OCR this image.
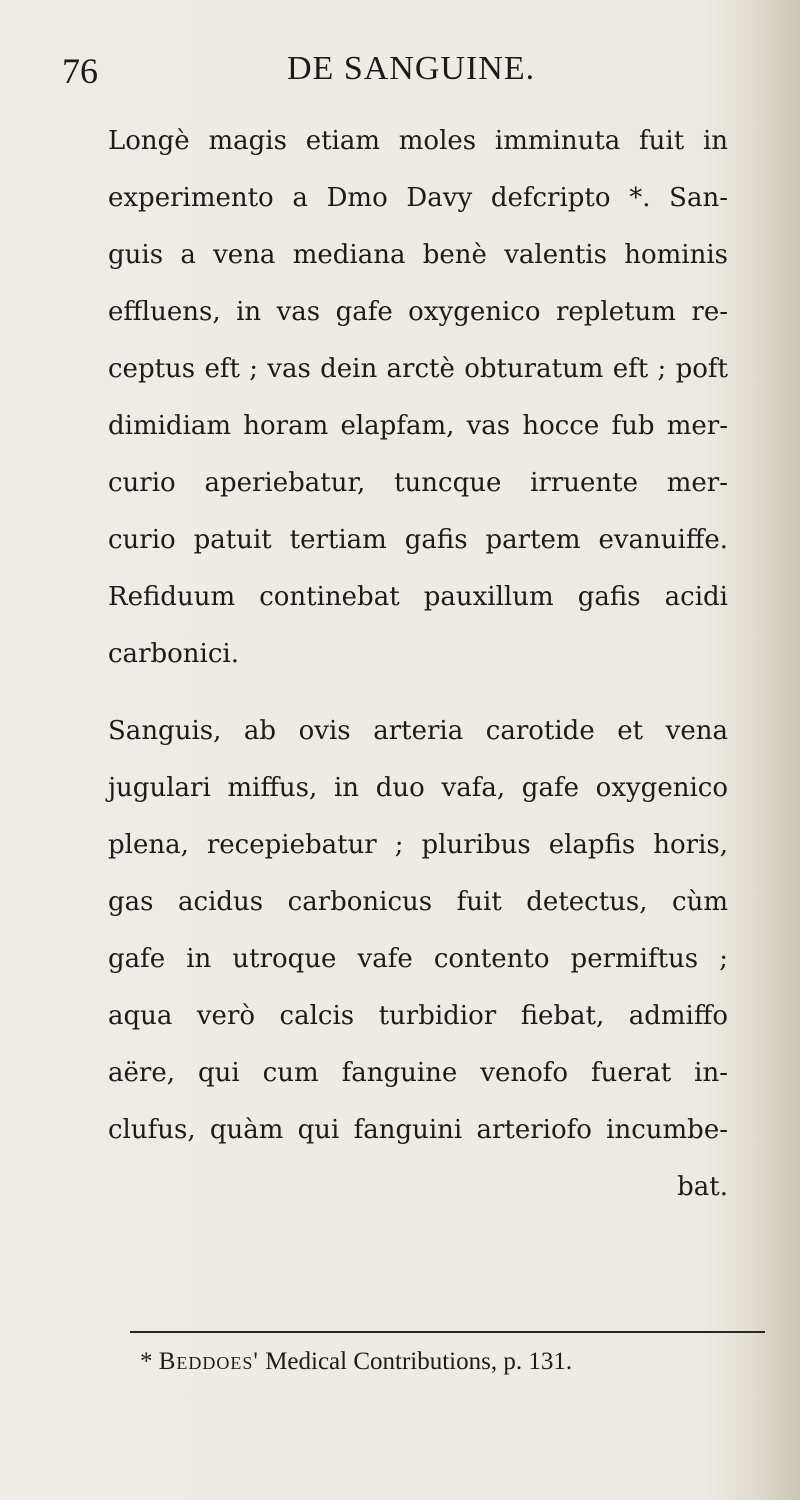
76	DE SANGUINE.
Longè magis etiam moles imminuta fuit in
experimento a Dmo Davy defcripto *. San-
guis a vena mediana benè valentis hominis
effluens, in vas gafe oxygenico repletum re-
ceptus eft ; vas dein arctè obturatum eft ; poft
dimidiam horam elapfam, vas hocce fub mer-
curio aperiebatur, tuncque irruente mer-
curio patuit tertiam gafis partem evanuiffe.
Refiduum continebat pauxillum gafis acidi
carbonici.
Sanguis, ab ovis arteria carotide et vena
jugulari miffus, in duo vafa, gafe oxygenico
plena, recepiebatur ; pluribus elapfis horis,
gas acidus carbonicus fuit detectus, cùm
gafe in utroque vafe contento permiftus ;
aqua verò calcis turbidior fiebat, admiffo
aëre, qui cum fanguine venofo fuerat in-
clufus, quàm qui fanguini arteriofo incumbe-
bat.
* Beddoes' Medical Contributions, p. 131.
